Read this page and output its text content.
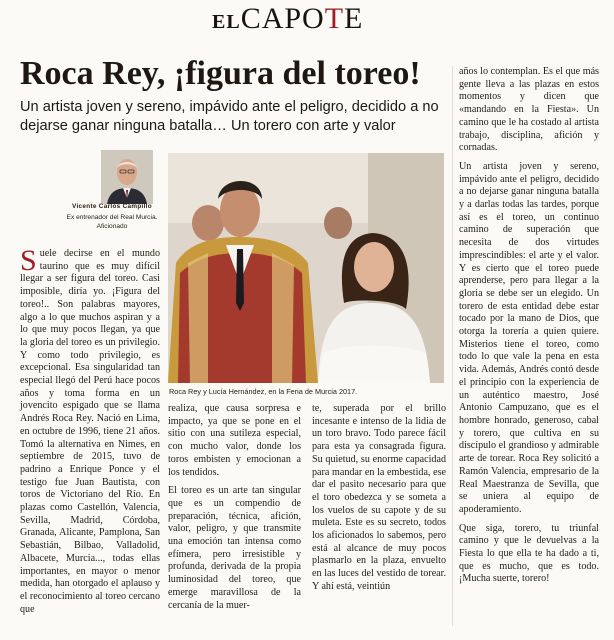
ELCAPOTE
Roca Rey, ¡figura del toreo!
Un artista joven y sereno, impávido ante el peligro, decidido a no dejarse ganar ninguna batalla… Un torero con arte y valor
Vicente Carlos Campillo
Ex entrenador del Real Murcia. Aficionado
Roca Rey y Lucía Hernández, en la Feria de Murcia 2017.

Suele decirse en el mundo taurino que es muy difícil llegar a ser figura del toreo. Casi imposible, diría yo. ¡Figura del toreo!.. Son palabras mayores, algo a lo que muchos aspiran y a lo que muy pocos llegan, ya que la gloria del toreo es un privilegio. Y como todo privilegio, es excepcional. Esa singularidad tan especial llegó del Perú hace pocos años y toma forma en un jovencito espigado que se llama Andrés Roca Rey. Nació en Lima, en octubre de 1996, tiene 21 años. Tomó la alternativa en Nimes, en septiembre de 2015, tuvo de padrino a Enrique Ponce y el testigo fue Juan Bautista, con toros de Victoriano del Río. En plazas como Castellón, Valencia, Sevilla, Madrid, Córdoba, Granada, Alicante, Pamplona, San Sebastián, Bilbao, Valladolid, Albacete, Murcia..., todas ellas importantes, en mayor o menor medida, han otorgado el aplauso y el reconocimiento al toreo cercano que

realiza, que causa sorpresa e impacto, ya que se pone en el sitio con una sutileza especial, con mucho valor, donde los toros embisten y emocionan a los tendidos.

El toreo es un arte tan singular que es un compendio de preparación, técnica, afición, valor, peligro, y que transmite una emoción tan intensa como efímera, pero irresistible y profunda, derivada de la propia luminosidad del toreo, que emerge maravillosa de la cercanía de la muer-

te, superada por el brillo incesante e intenso de la lidia de un toro bravo. Todo parece fácil para esta ya consagrada figura. Su quietud, su enorme capacidad para mandar en la embestida, ese dar el pasito necesario para que el toro obedezca y se someta a los vuelos de su capote y de su muleta. Este es su secreto, todos los aficionados lo sabemos, pero está al alcance de muy pocos plasmarlo en la plaza, envuelto en las luces del vestido de torear. Y ahí está, veintiún

años lo contemplan. Es el que más gente lleva a las plazas en estos momentos y dicen que «mandando en la Fiesta». Un camino que le ha costado al artista trabajo, disciplina, afición y cornadas.

Un artista joven y sereno, impávido ante el peligro, decidido a no dejarse ganar ninguna batalla y a darlas todas las tardes, porque así es el toreo, un continuo camino de superación que necesita de dos virtudes imprescindibles: el arte y el valor. Y es cierto que el toreo puede aprenderse, pero para llegar a la gloria se debe ser un elegido. Un torero de esta entidad debe estar tocado por la mano de Dios, que otorga la torería a quien quiere. Misterios tiene el toreo, como todo lo que vale la pena en esta vida. Además, Andrés contó desde el principio con la experiencia de un auténtico maestro, José Antonio Campuzano, que es el hombre honrado, generoso, cabal y torero, que cultiva en su discípulo el grandioso y admirable arte de torear. Roca Rey solicitó a Ramón Valencia, empresario de la Real Maestranza de Sevilla, que se uniera al equipo de apoderamiento.

Que siga, torero, tu triunfal camino y que le devuelvas a la Fiesta lo que ella te ha dado a ti, que es mucho, que es todo. ¡Mucha suerte, torero!
